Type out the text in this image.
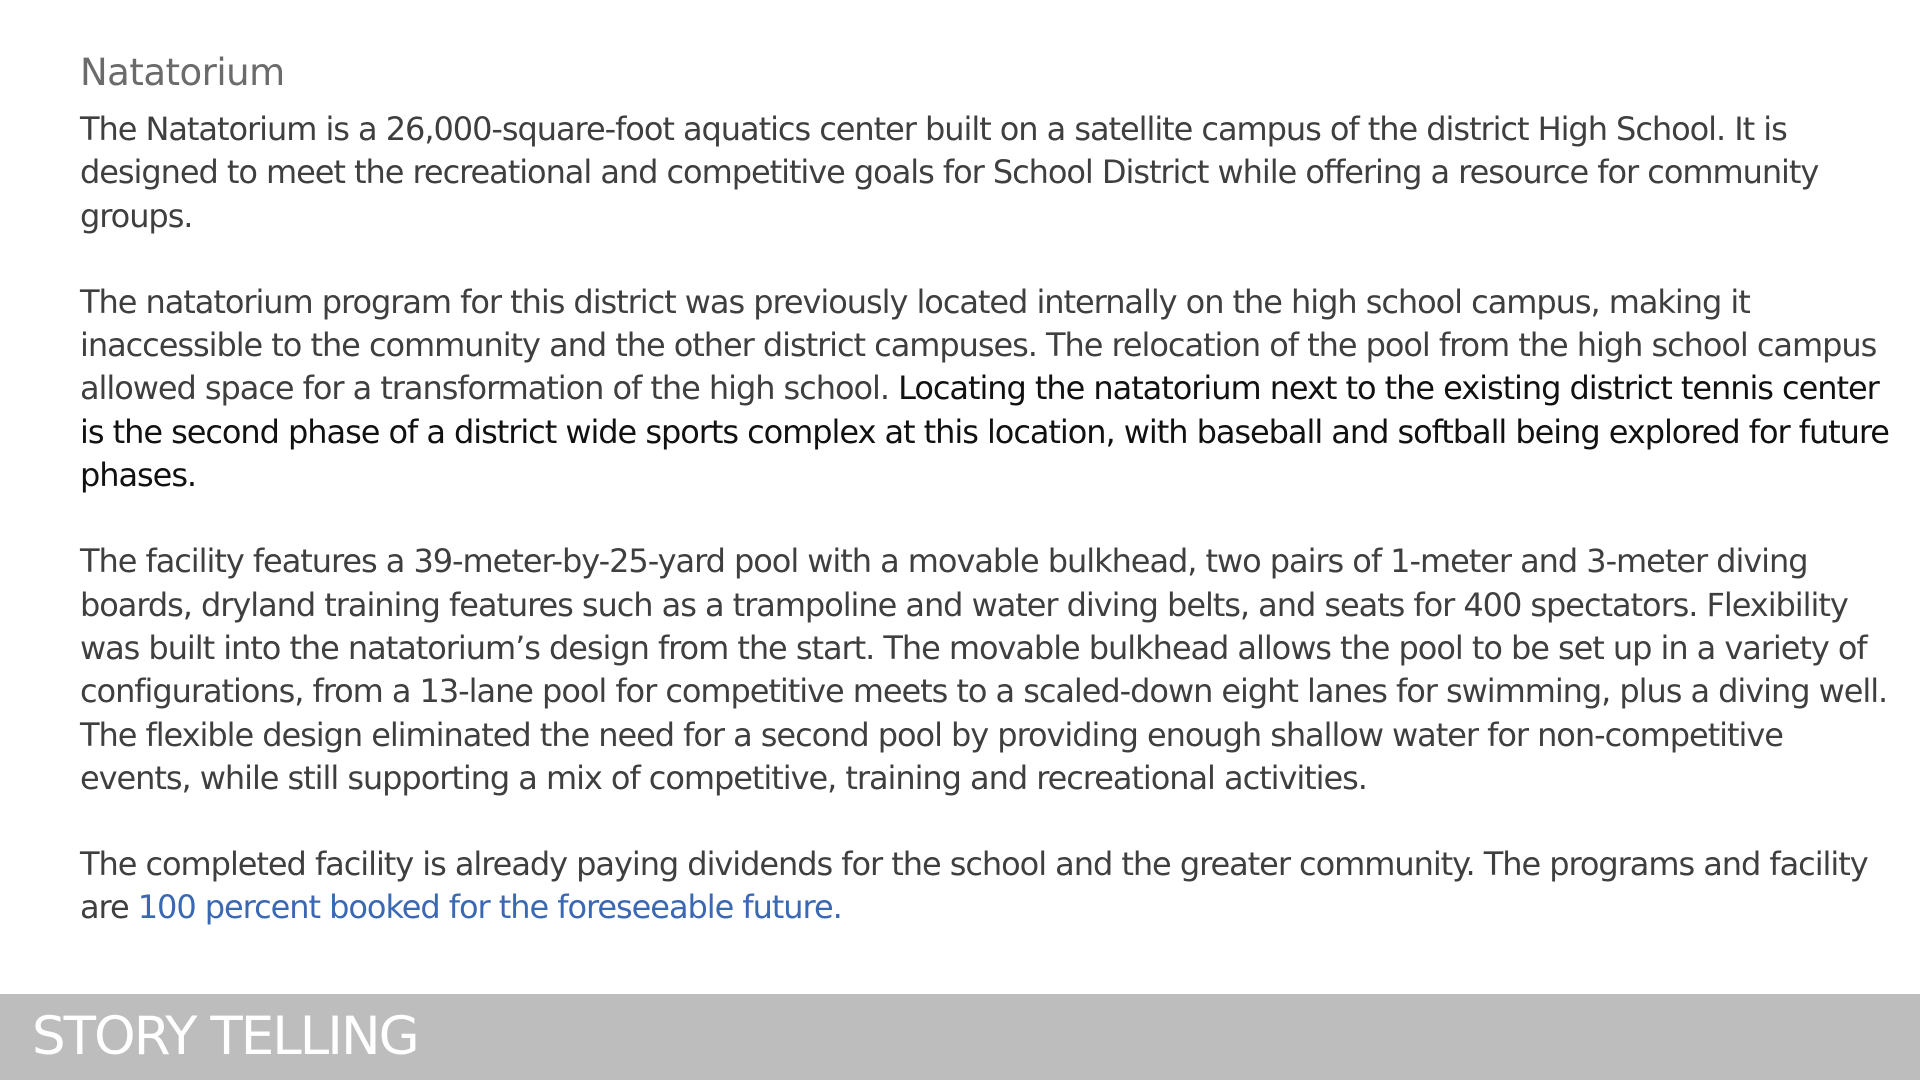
Natatorium

The Natatorium is a 26,000-square-foot aquatics center built on a satellite campus of the district High School. It is designed to meet the recreational and competitive goals for School District while offering a resource for community groups.

The natatorium program for this district was previously located internally on the high school campus, making it inaccessible to the community and the other district campuses. The relocation of the pool from the high school campus allowed space for a transformation of the high school. Locating the natatorium next to the existing district tennis center is the second phase of a district wide sports complex at this location, with baseball and softball being explored for future phases.

The facility features a 39-meter-by-25-yard pool with a movable bulkhead, two pairs of 1-meter and 3-meter diving boards, dryland training features such as a trampoline and water diving belts, and seats for 400 spectators. Flexibility was built into the natatorium’s design from the start. The movable bulkhead allows the pool to be set up in a variety of configurations, from a 13-lane pool for competitive meets to a scaled-down eight lanes for swimming, plus a diving well. The flexible design eliminated the need for a second pool by providing enough shallow water for non-competitive events, while still supporting a mix of competitive, training and recreational activities.

The completed facility is already paying dividends for the school and the greater community. The programs and facility are 100 percent booked for the foreseeable future.

STORY TELLING
